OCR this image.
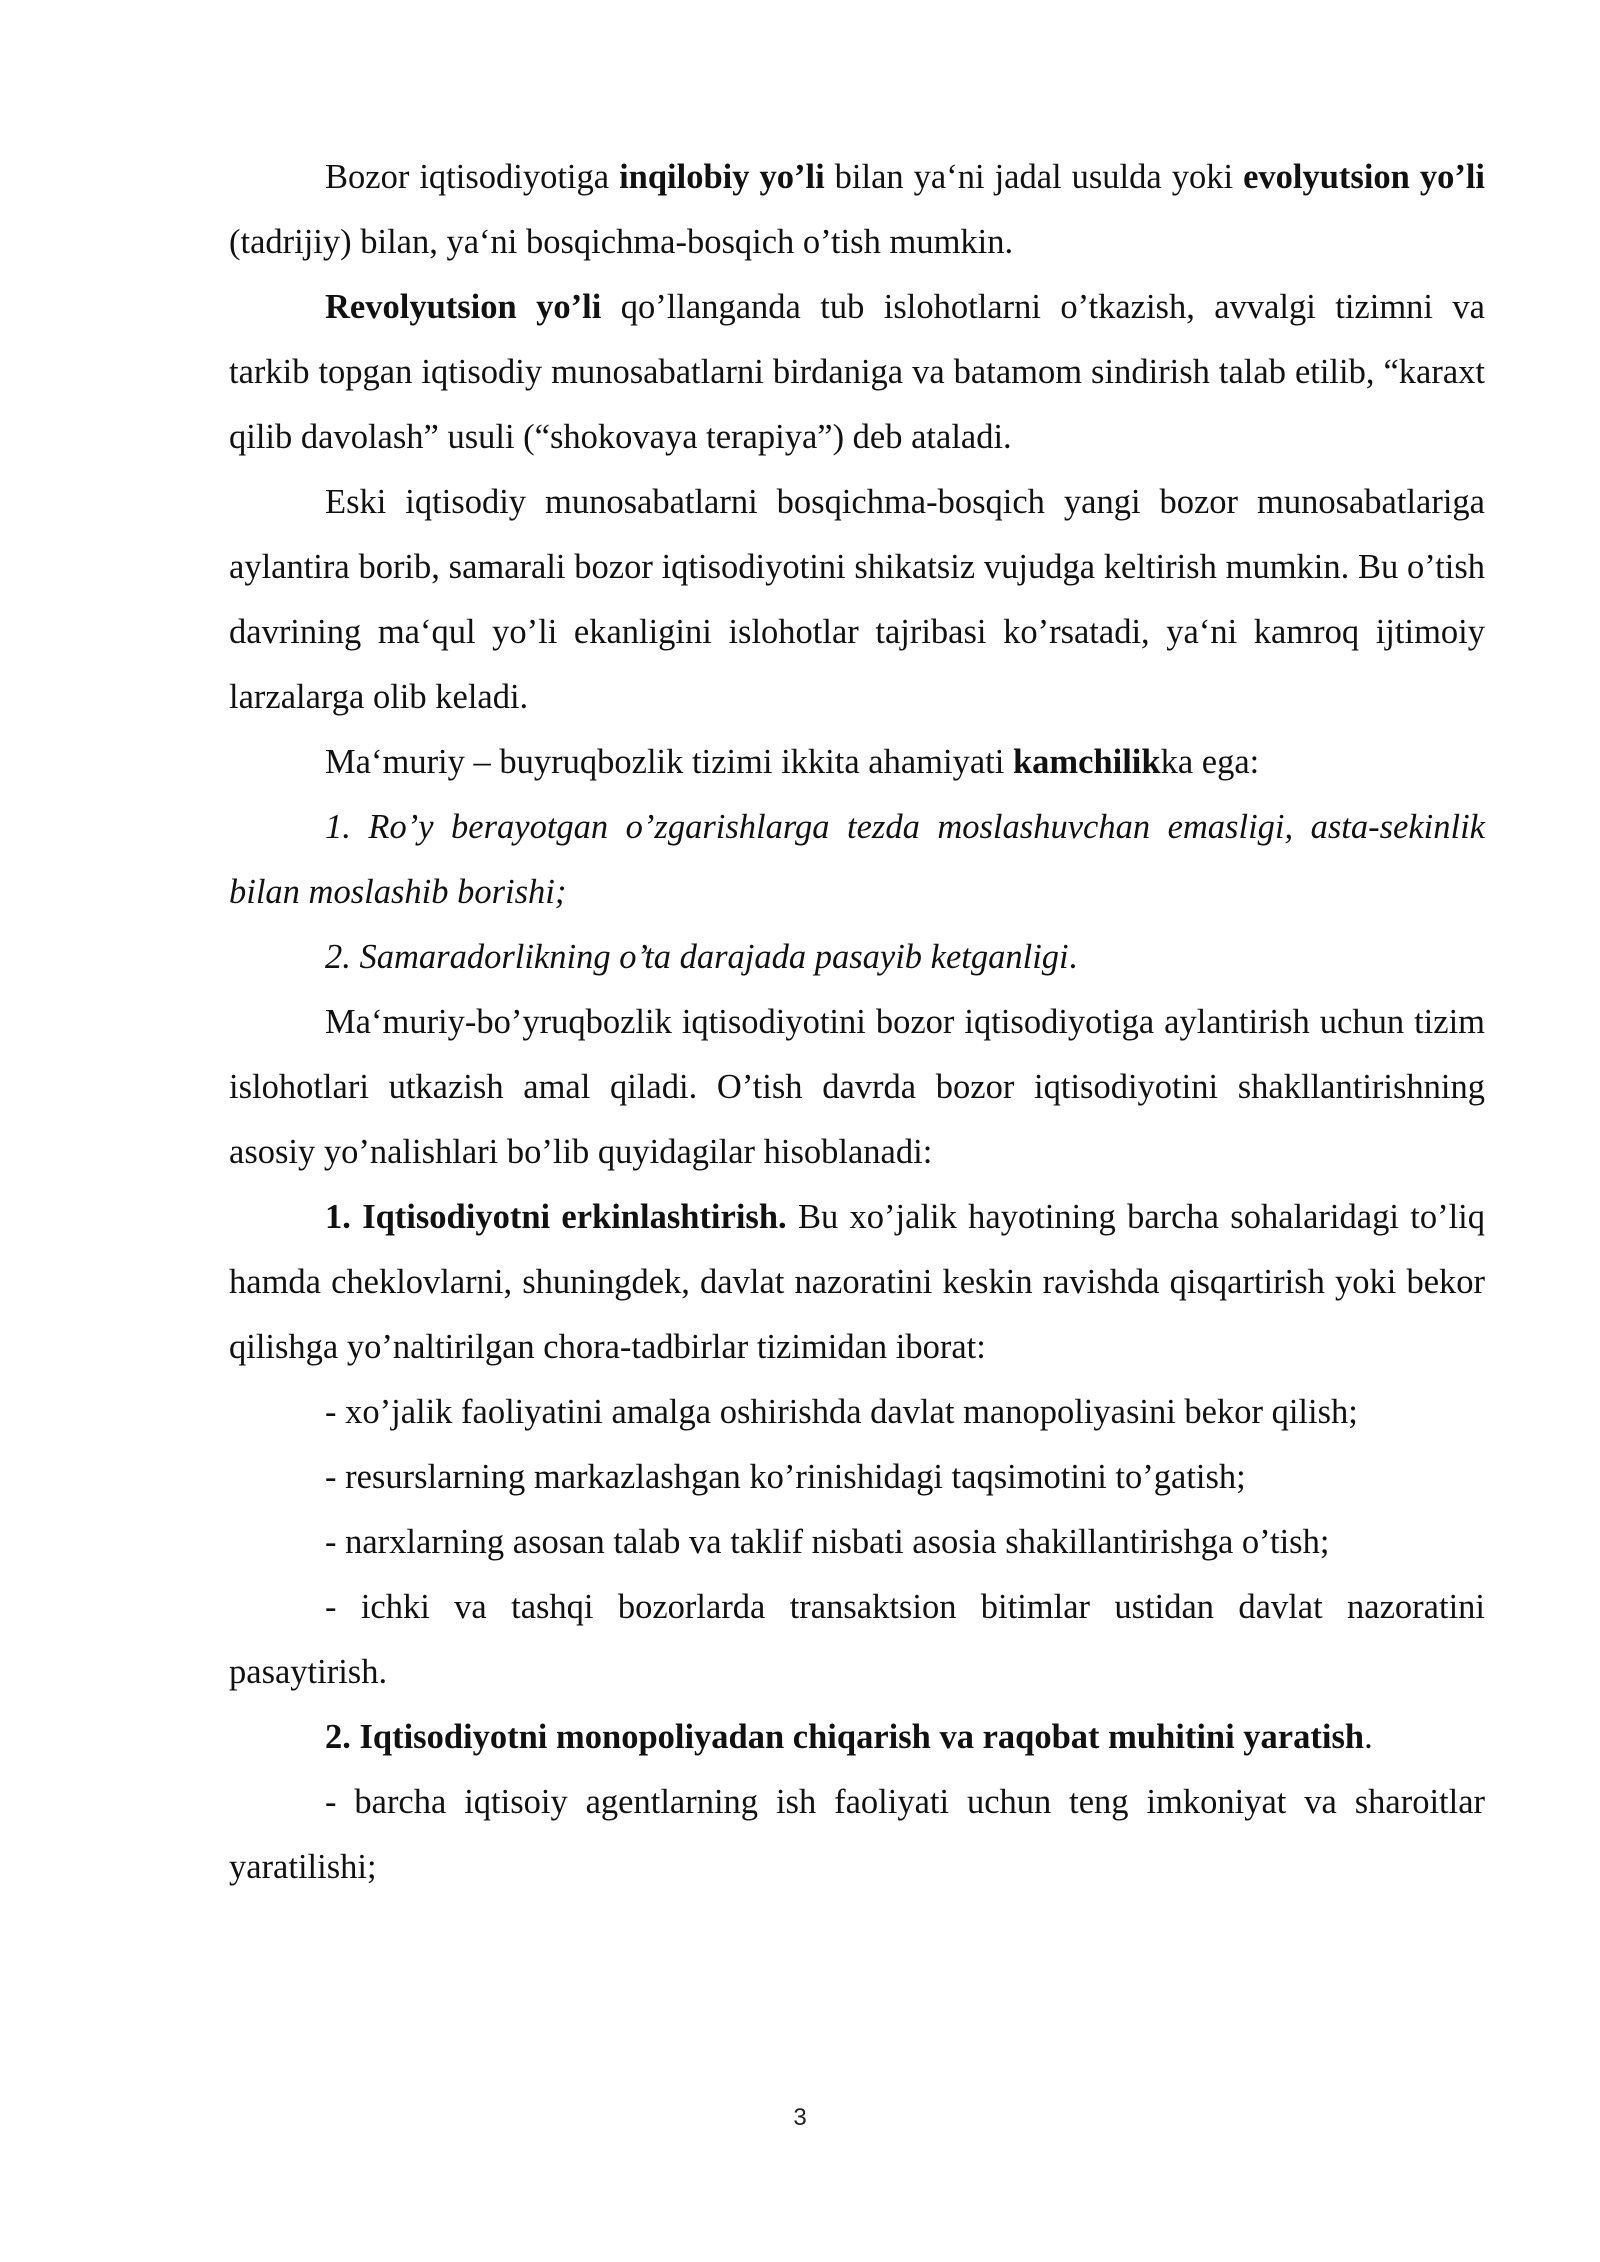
Bozor iqtisodiyotiga inqilobiy yo’li bilan ya‘ni jadal usulda yoki evolyutsion yo’li (tadrijiy) bilan, ya‘ni bosqichma-bosqich o’tish mumkin.

Revolyutsion yo’li qo’llanganda tub islohotlarni o’tkazish, avvalgi tizimni va tarkib topgan iqtisodiy munosabatlarni birdaniga va batamom sindirish talab etilib, “karaxt qilib davolash” usuli (“shokovaya terapiya”) deb ataladi.

Eski iqtisodiy munosabatlarni bosqichma-bosqich yangi bozor munosabatlariga aylantira borib, samarali bozor iqtisodiyotini shikatsiz vujudga keltirish mumkin. Bu o’tish davrining ma‘qul yo’li ekanligini islohotlar tajribasi ko’rsatadi, ya‘ni kamroq ijtimoiy larzalarga olib keladi.

Ma‘muriy – buyruqbozlik tizimi ikkita ahamiyati kamchilikka ega:

1. Ro’y berayotgan o’zgarishlarga tezda moslashuvchan emasligi, asta-sekinlik bilan moslashib borishi;

2. Samaradorlikning o’ta darajada pasayib ketganligi.

Ma‘muriy-bo’yruqbozlik iqtisodiyotini bozor iqtisodiyotiga aylantirish uchun tizim islohotlari utkazish amal qiladi. O’tish davrda bozor iqtisodiyotini shakllantirishning asosiy yo’nalishlari bo’lib quyidagilar hisoblanadi:

1. Iqtisodiyotni erkinlashtirish. Bu xo’jalik hayotining barcha sohalaridagi to’liq hamda cheklovlarni, shuningdek, davlat nazoratini keskin ravishda qisqartirish yoki bekor qilishga yo’naltirilgan chora-tadbirlar tizimidan iborat:

- xo’jalik faoliyatini amalga oshirishda davlat manopoliyasini bekor qilish;

- resurslarning markazlashgan ko’rinishidagi taqsimotini to’gatish;

- narxlarning asosan talab va taklif nisbati asosia shakillantirishga o’tish;

- ichki va tashqi bozorlarda transaktsion bitimlar ustidan davlat nazoratini pasaytirish.

2. Iqtisodiyotni monopoliyadan chiqarish va raqobat muhitini yaratish.

- barcha iqtisoiy agentlarning ish faoliyati uchun teng imkoniyat va sharoitlar yaratilishi;

3
